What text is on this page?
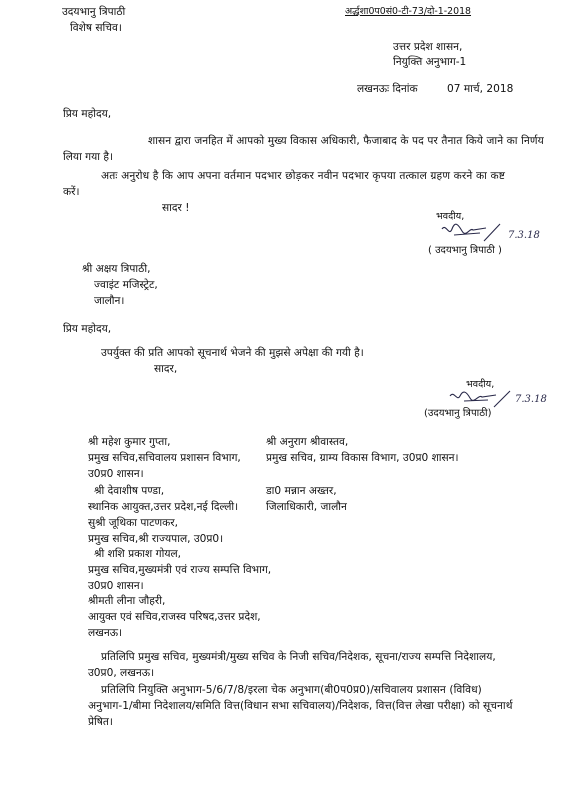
उदयभानु त्रिपाठी
विशेष सचिव।
अर्द्धशा0प0सं0-टी-73/दो-1-2018
उत्तर प्रदेश शासन,
नियुक्ति अनुभाग-1
लखनऊः दिनांक	07 मार्च, 2018
प्रिय महोदय,
शासन द्वारा जनहित में आपको मुख्य विकास अधिकारी, फैजाबाद के पद पर तैनात किये जाने का निर्णय
लिया गया है।
अतः अनुरोध है कि आप अपना वर्तमान पदभार छोड़कर नवीन पदभार कृपया तत्काल ग्रहण करने का कष्ट
करें।
सादर !
भवदीय,
7.3.18
( उदयभानु त्रिपाठी )
श्री अक्षय त्रिपाठी,
ज्वाइंट मजिस्ट्रेट,
जालौन।
प्रिय महोदय,
उपर्युक्त की प्रति आपको सूचनार्थ भेजने की मुझसे अपेक्षा की गयी है।
सादर,
भवदीय,
7.3.18
(उदयभानु त्रिपाठी)
श्री महेश कुमार गुप्ता,
प्रमुख सचिव,सचिवालय प्रशासन विभाग,
उ0प्र0 शासन।
श्री देवाशीष पण्डा,
स्थानिक आयुक्त,उत्तर प्रदेश,नई दिल्ली।
सुश्री जूथिका पाटणकर,
प्रमुख सचिव,श्री राज्यपाल, उ0प्र0।
श्री शशि प्रकाश गोयल,
प्रमुख सचिव,मुख्यमंत्री एवं राज्य सम्पत्ति विभाग,
उ0प्र0 शासन।
श्रीमती लीना जौहरी,
आयुक्त एवं सचिव,राजस्व परिषद,उत्तर प्रदेश,
लखनऊ।
श्री अनुराग श्रीवास्तव,
प्रमुख सचिव, ग्राम्य विकास विभाग, उ0प्र0 शासन।
डा0 मन्नान अख्तर,
जिलाधिकारी, जालौन
प्रतिलिपि प्रमुख सचिव, मुख्यमंत्री/मुख्य सचिव के निजी सचिव/निदेशक, सूचना/राज्य सम्पत्ति निदेशालय,
उ0प्र0, लखनऊ।
प्रतिलिपि नियुक्ति अनुभाग-5/6/7/8/इरला चेक अनुभाग(बी0प0प्र0)/सचिवालय प्रशासन (विविध)
अनुभाग-1/बीमा निदेशालय/समिति वित्त(विधान सभा सचिवालय)/निदेशक, वित्त(वित्त लेखा परीक्षा) को सूचनार्थ
प्रेषित।
